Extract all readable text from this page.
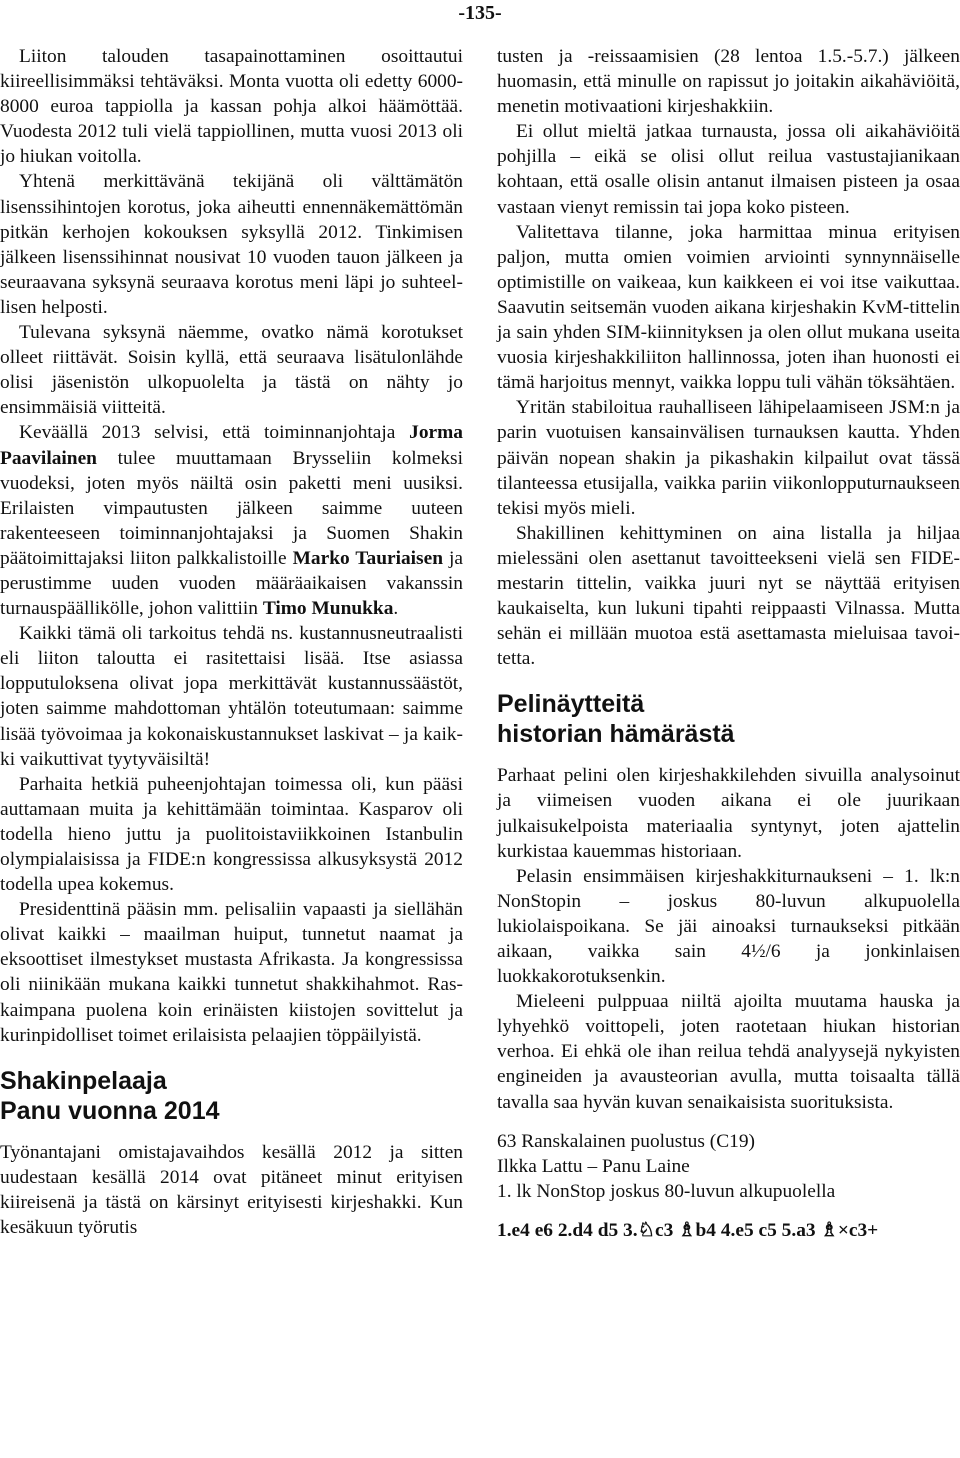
-135-

Liiton talouden tasapainottaminen osoittautui kiireellisimmäksi tehtäväksi. Monta vuotta oli edetty 6000-8000 euroa tappiolla ja kassan pohja alkoi häämöttää. Vuodesta 2012 tuli vielä tappiollinen, mutta vuosi 2013 oli jo hiukan voitolla.

Yhtenä merkittävänä tekijänä oli välttämätön lisenssihintojen korotus, joka aiheutti ennennäkemättömän pitkän kerhojen kokouksen syksyllä 2012. Tinkimisen jälkeen lisenssihinnat nousivat 10 vuoden tauon jälkeen ja seuraavana syksynä seuraava korotus meni läpi jo suhteellisen helposti.

Tulevana syksynä näemme, ovatko nämä korotukset olleet riittävät. Soisin kyllä, että seuraava lisätulonlähde olisi jäsenistön ulkopuolelta ja tästä on nähty jo ensimmäisiä viitteitä.

Keväällä 2013 selvisi, että toiminnanjohtaja Jorma Paavilainen tulee muuttamaan Brysseliin kolmeksi vuodeksi, joten myös näiltä osin paketti meni uusiksi. Erilaisten vimpautusten jälkeen saimme uuteen rakenteeseen toiminnanjohtajaksi ja Suomen Shakin päätoimittajaksi liiton palkkalistoille Marko Tauriaisen ja perustimme uuden vuoden määräaikaisen vakanssin turnauspäällikölle, johon valittiin Timo Munukka.

Kaikki tämä oli tarkoitus tehdä ns. kustannusneutraalisti eli liiton taloutta ei rasitettaisi lisää. Itse asiassa lopputuloksena olivat jopa merkittävät kustannussäästöt, joten saimme mahdottoman yhtälön toteutumaan: saimme lisää työvoimaa ja kokonaiskustannukset laskivat – ja kaikki vaikuttivat tyytyväisiltä!

Parhaita hetkiä puheenjohtajan toimessa oli, kun pääsi auttamaan muita ja kehittämään toimintaa. Kasparov oli todella hieno juttu ja puolitoistaviikkoinen Istanbulin olympialaisissa ja FIDE:n kongressissa alkusyksystä 2012 todella upea kokemus.

Presidenttinä pääsin mm. pelisaliin vapaasti ja siellähän olivat kaikki – maailman huiput, tunnetut naamat ja eksoottiset ilmestykset mustasta Afrikasta. Ja kongressissa oli niinikään mukana kaikki tunnetut shakkihahmot. Raskaimpana puolena koin erinäisten kiistojen sovittelut ja kurinpidolliset toimet erilaisista pelaajien töppäilyistä.

Shakinpelaaja
Panu vuonna 2014

Työnantajani omistajavaihdos kesällä 2012 ja sitten uudestaan kesällä 2014 ovat pitäneet minut erityisen kiireisenä ja tästä on kärsinyt erityisesti kirjeshakki. Kun kesäkuun työrutis

tusten ja -reissaamisien (28 lentoa 1.5.-5.7.) jälkeen huomasin, että minulle on rapissut jo joitakin aikahäviöitä, menetin motivaationi kirjeshakkiin.

Ei ollut mieltä jatkaa turnausta, jossa oli aikahäviöitä pohjilla – eikä se olisi ollut reilua vastustajianikaan kohtaan, että osalle olisin antanut ilmaisen pisteen ja osaa vastaan vienyt remissin tai jopa koko pisteen.

Valitettava tilanne, joka harmittaa minua erityisen paljon, mutta omien voimien arviointi synnynnäiselle optimistille on vaikeaa, kun kaikkeen ei voi itse vaikuttaa. Saavutin seitsemän vuoden aikana kirjeshakin KvM-tittelin ja sain yhden SIM-kiinnityksen ja olen ollut mukana useita vuosia kirjeshakkiliiton hallinnossa, joten ihan huonosti ei tämä harjoitus mennyt, vaikka loppu tuli vähän töksähtäen.

Yritän stabiloitua rauhalliseen lähipelaamiseen JSM:n ja parin vuotuisen kansainvälisen turnauksen kautta. Yhden päivän nopean shakin ja pikashakin kilpailut ovat tässä tilanteessa etusijalla, vaikka pariin viikonlopputurnaukseen tekisi myös mieli.

Shakillinen kehittyminen on aina listalla ja hiljaa mielessäni olen asettanut tavoitteekseni vielä sen FIDE-mestarin tittelin, vaikka juuri nyt se näyttää erityisen kaukaiselta, kun lukuni tipahti reippaasti Vilnassa. Mutta sehän ei millään muotoa estä asettamasta mieluisaa tavoitetta.

Pelinäytteitä
historian hämärästä

Parhaat pelini olen kirjeshakkilehden sivuilla analysoinut ja viimeisen vuoden aikana ei ole juurikaan julkaisukelpoista materiaalia syntynyt, joten ajattelin kurkistaa kauemmas historiaan.

Pelasin ensimmäisen kirjeshakkiturnaukseni – 1. lk:n NonStopin – joskus 80-luvun alkupuolella lukiolaispoikana. Se jäi ainoaksi turnaukseksi pitkään aikaan, vaikka sain 4½/6 ja jonkinlaisen luokkakorotuksenkin.

Mieleeni pulppuaa niiltä ajoilta muutama hauska ja lyhyehkö voittopeli, joten raotetaan hiukan historian verhoa. Ei ehkä ole ihan reilua tehdä analyysejä nykyisten engineiden ja avausteorian avulla, mutta toisaalta tällä tavalla saa hyvän kuvan senaikaisista suorituksista.

63 Ranskalainen puolustus (C19)

Ilkka Lattu – Panu Laine

1. lk NonStop joskus 80-luvun alkupuolella

1.e4 e6 2.d4 d5 3.♘c3 ♗b4 4.e5 c5 5.a3 ♗×c3+
